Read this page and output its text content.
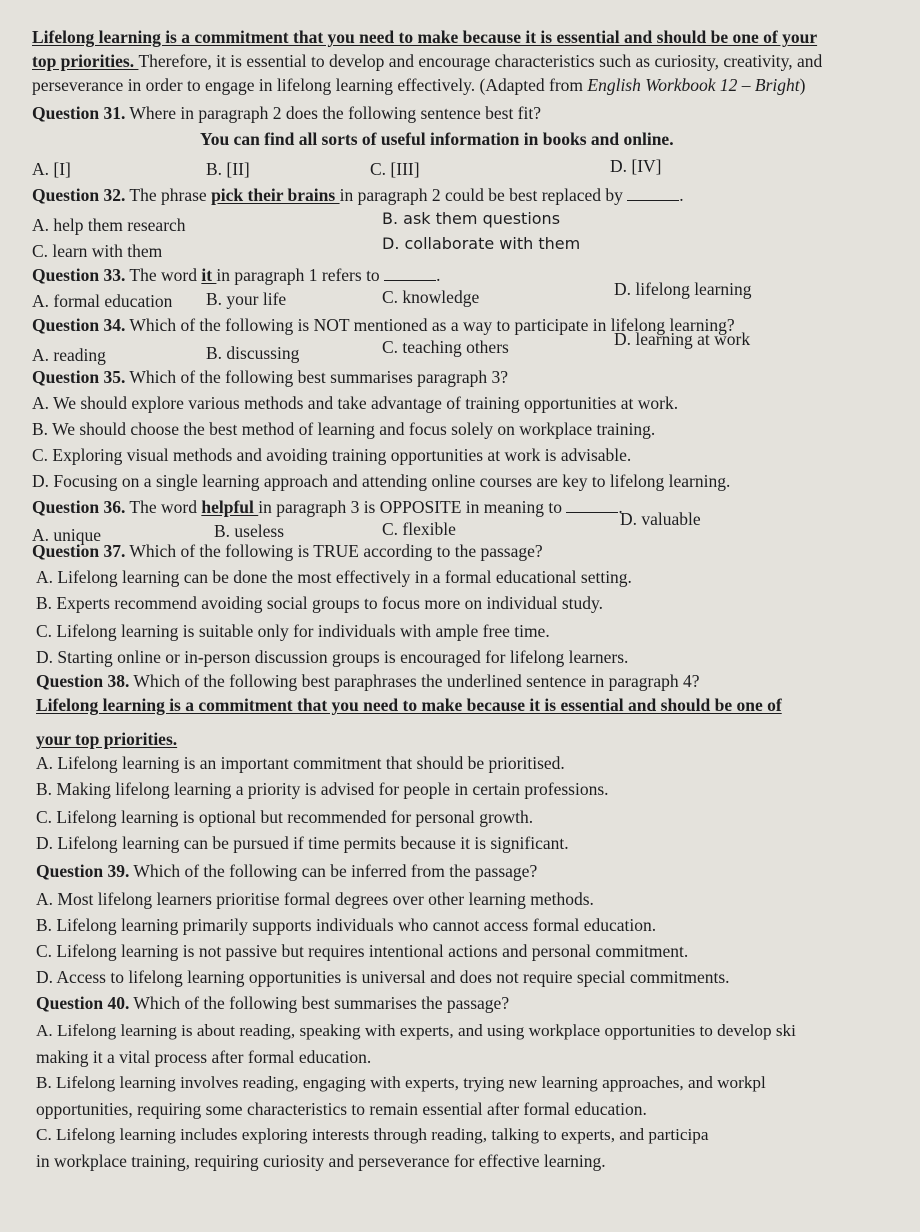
Lifelong learning is a commitment that you need to make because it is essential and should be one of your
top priorities. Therefore, it is essential to develop and encourage characteristics such as curiosity, creativity, and
perseverance in order to engage in lifelong learning effectively. (Adapted from English Workbook 12 – Bright)
Question 31. Where in paragraph 2 does the following sentence best fit?
You can find all sorts of useful information in books and online.
A. [I]	B. [II]	C. [III]	D. [IV]
Question 32. The phrase pick their brains in paragraph 2 could be best replaced by	.
A. help them research	B. ask them questions
C. learn with them	D. collaborate with them
Question 33. The word it in paragraph 1 refers to	.
A. formal education B. your life	C. knowledge	D. lifelong learning
Question 34. Which of the following is NOT mentioned as a way to participate in lifelong learning?
A. reading	B. discussing	C. teaching others	D. learning at work
Question 35. Which of the following best summarises paragraph 3?
A. We should explore various methods and take advantage of training opportunities at work.
B. We should choose the best method of learning and focus solely on workplace training.
C. Exploring visual methods and avoiding training opportunities at work is advisable.
D. Focusing on a single learning approach and attending online courses are key to lifelong learning.
Question 36. The word helpful in paragraph 3 is OPPOSITE in meaning to	.
A. unique	B. useless	C. flexible	D. valuable
Question 37. Which of the following is TRUE according to the passage?
A. Lifelong learning can be done the most effectively in a formal educational setting.
B. Experts recommend avoiding social groups to focus more on individual study.
C. Lifelong learning is suitable only for individuals with ample free time.
D. Starting online or in-person discussion groups is encouraged for lifelong learners.
Question 38. Which of the following best paraphrases the underlined sentence in paragraph 4?
Lifelong learning is a commitment that you need to make because it is essential and should be one of
your top priorities.
A. Lifelong learning is an important commitment that should be prioritised.
B. Making lifelong learning a priority is advised for people in certain professions.
C. Lifelong learning is optional but recommended for personal growth.
D. Lifelong learning can be pursued if time permits because it is significant.
Question 39. Which of the following can be inferred from the passage?
A. Most lifelong learners prioritise formal degrees over other learning methods.
B. Lifelong learning primarily supports individuals who cannot access formal education.
C. Lifelong learning is not passive but requires intentional actions and personal commitment.
D. Access to lifelong learning opportunities is universal and does not require special commitments.
Question 40. Which of the following best summarises the passage?
A. Lifelong learning is about reading, speaking with experts, and using workplace opportunities to develop ski
making it a vital process after formal education.
B. Lifelong learning involves reading, engaging with experts, trying new learning approaches, and workpl
opportunities, requiring some characteristics to remain essential after formal education.
C. Lifelong learning includes exploring interests through reading, talking to experts, and participa
in workplace training, requiring curiosity and perseverance for effective learning.
